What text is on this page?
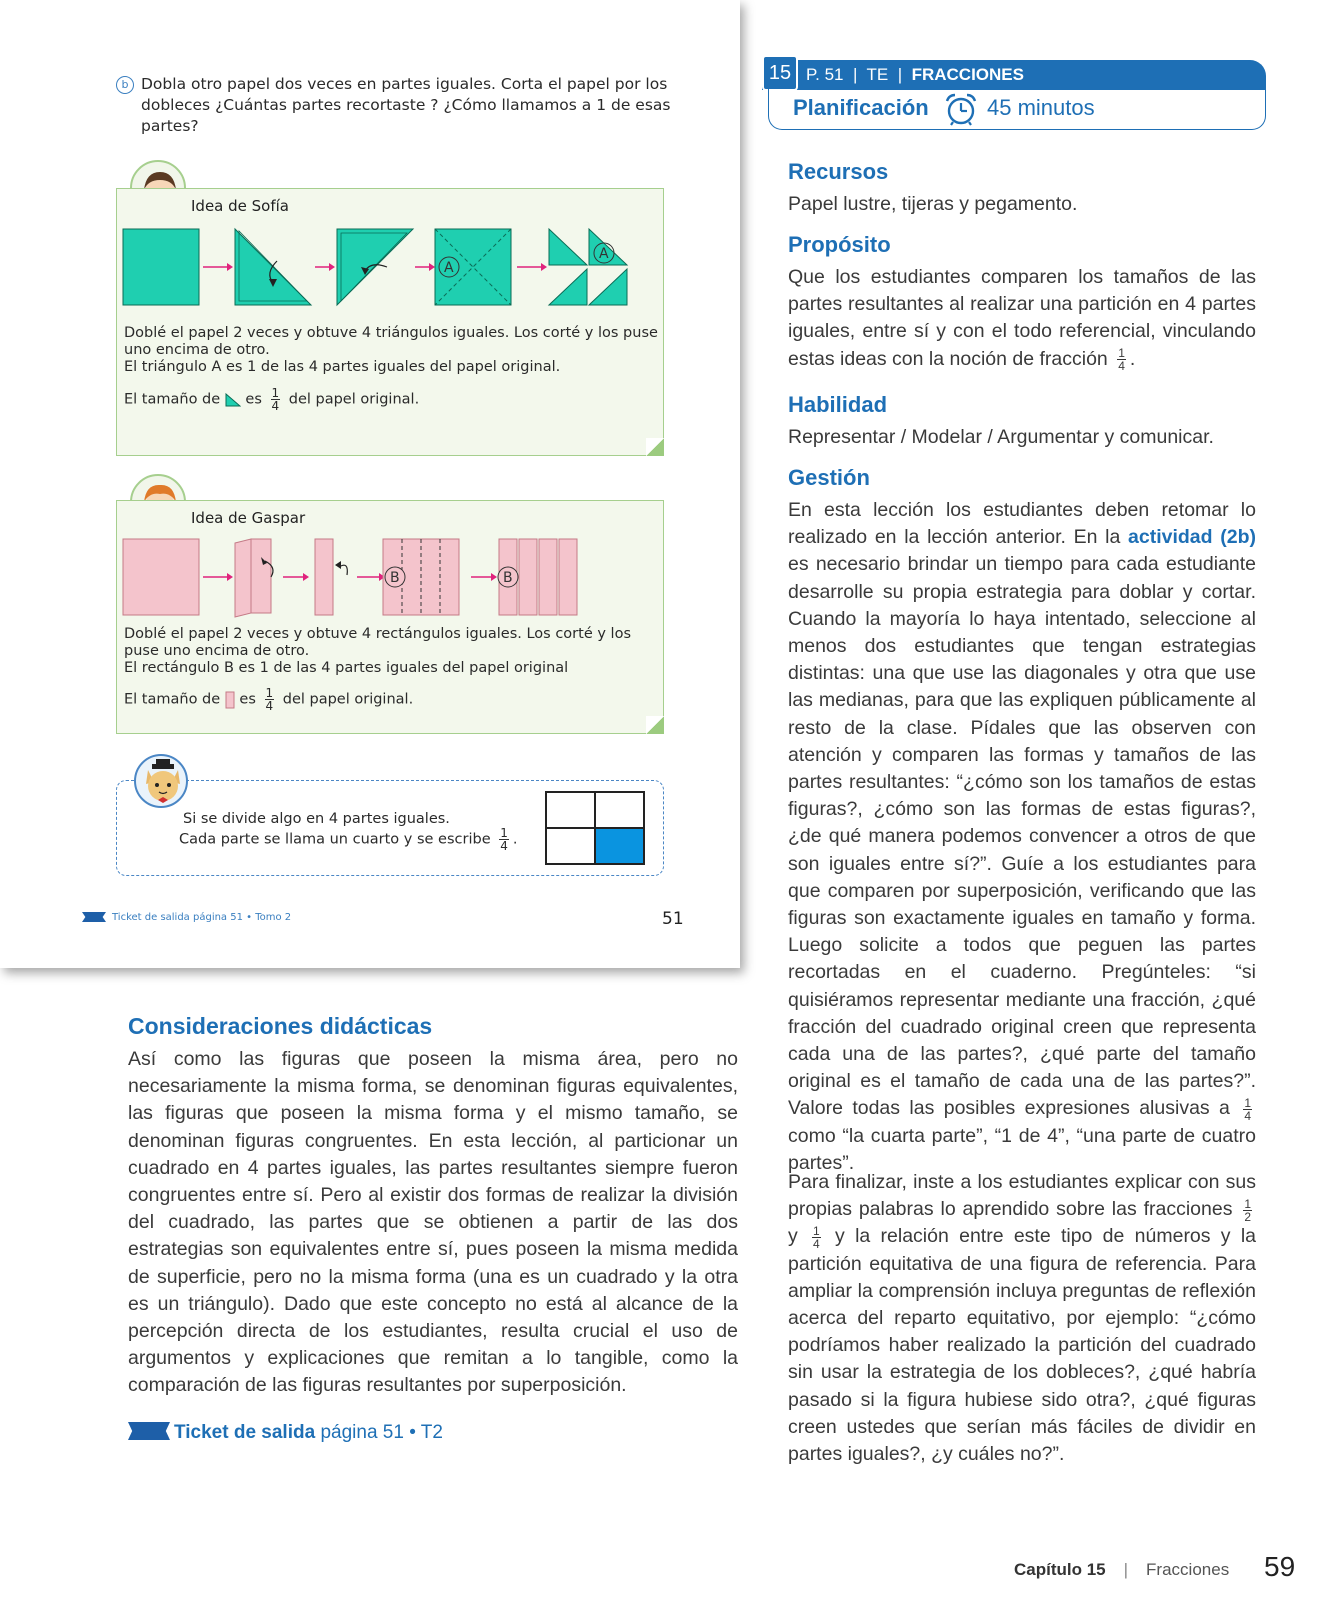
b Dobla otro papel dos veces en partes iguales. Corta el papel por los dobleces ¿Cuántas partes recortaste ? ¿Cómo llamamos a 1 de esas partes?
Idea de Sofía
A
A
Doblé el papel 2 veces y obtuve 4 triángulos iguales. Los corté y los puse
uno encima de otro.
El triángulo A es 1 de las 4 partes iguales del papel original.
El tamaño de es $\frac{1}{4}$ del papel original.
Idea de Gaspar
B	B
Doblé el papel 2 veces y obtuve 4 rectángulos iguales. Los corté y los
puse uno encima de otro.
El rectángulo B es 1 de las 4 partes iguales del papel original
El tamaño de es $\frac{1}{4}$ del papel original.
Si se divide algo en 4 partes iguales.
Cada parte se llama un cuarto y se escribe $\frac{1}{4}$ .
Ticket de salida página 51 • Tomo 2	51
Consideraciones didácticas
Así como las figuras que poseen la misma área, pero no necesariamente la misma forma, se denominan figuras equivalentes, las figuras que poseen la misma forma y el mismo tamaño, se denominan figuras congruentes. En esta lección, al particionar un cuadrado en 4 partes iguales, las partes resultantes siempre fueron congruentes entre sí. Pero al existir dos formas de realizar la división del cuadrado, las partes que se obtienen a partir de las dos estrategias son equivalentes entre sí, pues poseen la misma medida de superficie, pero no la misma forma (una es un cuadrado y la otra es un triángulo). Dado que este concepto no está al alcance de la percepción directa de los estudiantes, resulta crucial el uso de argumentos y explicaciones que remitan a lo tangible, como la comparación de las figuras resultantes por superposición.
Ticket de salida página 51 • T2
P. 51  |  TE  |  FRACCIONES
15
Planificación	45 minutos
Recursos
Papel lustre, tijeras y pegamento.
Propósito
Que los estudiantes comparen los tamaños de las partes resultantes al realizar una partición en 4 partes iguales, entre sí y con el todo referencial, vinculando estas ideas con la noción de fracción $\frac{1}{4}$ .
Habilidad
Representar / Modelar / Argumentar y comunicar.
Gestión
En esta lección los estudiantes deben retomar lo realizado en la lección anterior. En la actividad (2b) es necesario brindar un tiempo para cada estudiante desarrolle su propia estrategia para doblar y cortar. Cuando la mayoría lo haya intentado, seleccione al menos dos estudiantes que tengan estrategias distintas: una que use las diagonales y otra que use las medianas, para que las expliquen públicamente al resto de la clase. Pídales que las observen con atención y comparen las formas y tamaños de las partes resultantes: “¿cómo son los tamaños de estas figuras?, ¿cómo son las formas de estas figuras?, ¿de qué manera podemos convencer a otros de que son iguales entre sí?”. Guíe a los estudiantes para que comparen por superposición, verificando que las figuras son exactamente iguales en tamaño y forma. Luego solicite a todos que peguen las partes recortadas en el cuaderno. Pregúnteles: “si quisiéramos representar mediante una fracción, ¿qué fracción del cuadrado original creen que representa cada una de las partes?, ¿qué parte del tamaño original es el tamaño de cada una de las partes?”. Valore todas las posibles expresiones alusivas a $\frac{1}{4}$
como “la cuarta parte”, “1 de 4”, “una parte de cuatro partes”.
Para finalizar, inste a los estudiantes explicar con sus propias palabras lo aprendido sobre las fracciones $\frac{1}{2}$
y $\frac{1}{4}$ y la relación entre este tipo de números y la partición equitativa de una figura de referencia. Para ampliar la comprensión incluya preguntas de reflexión acerca del reparto equitativo, por ejemplo: “¿cómo podríamos haber realizado la partición del cuadrado sin usar la estrategia de los dobleces?, ¿qué habría pasado si la figura hubiese sido otra?, ¿qué figuras creen ustedes que serían más fáciles de dividir en partes iguales?, ¿y cuáles no?”.
Capítulo 15 | Fracciones 59
